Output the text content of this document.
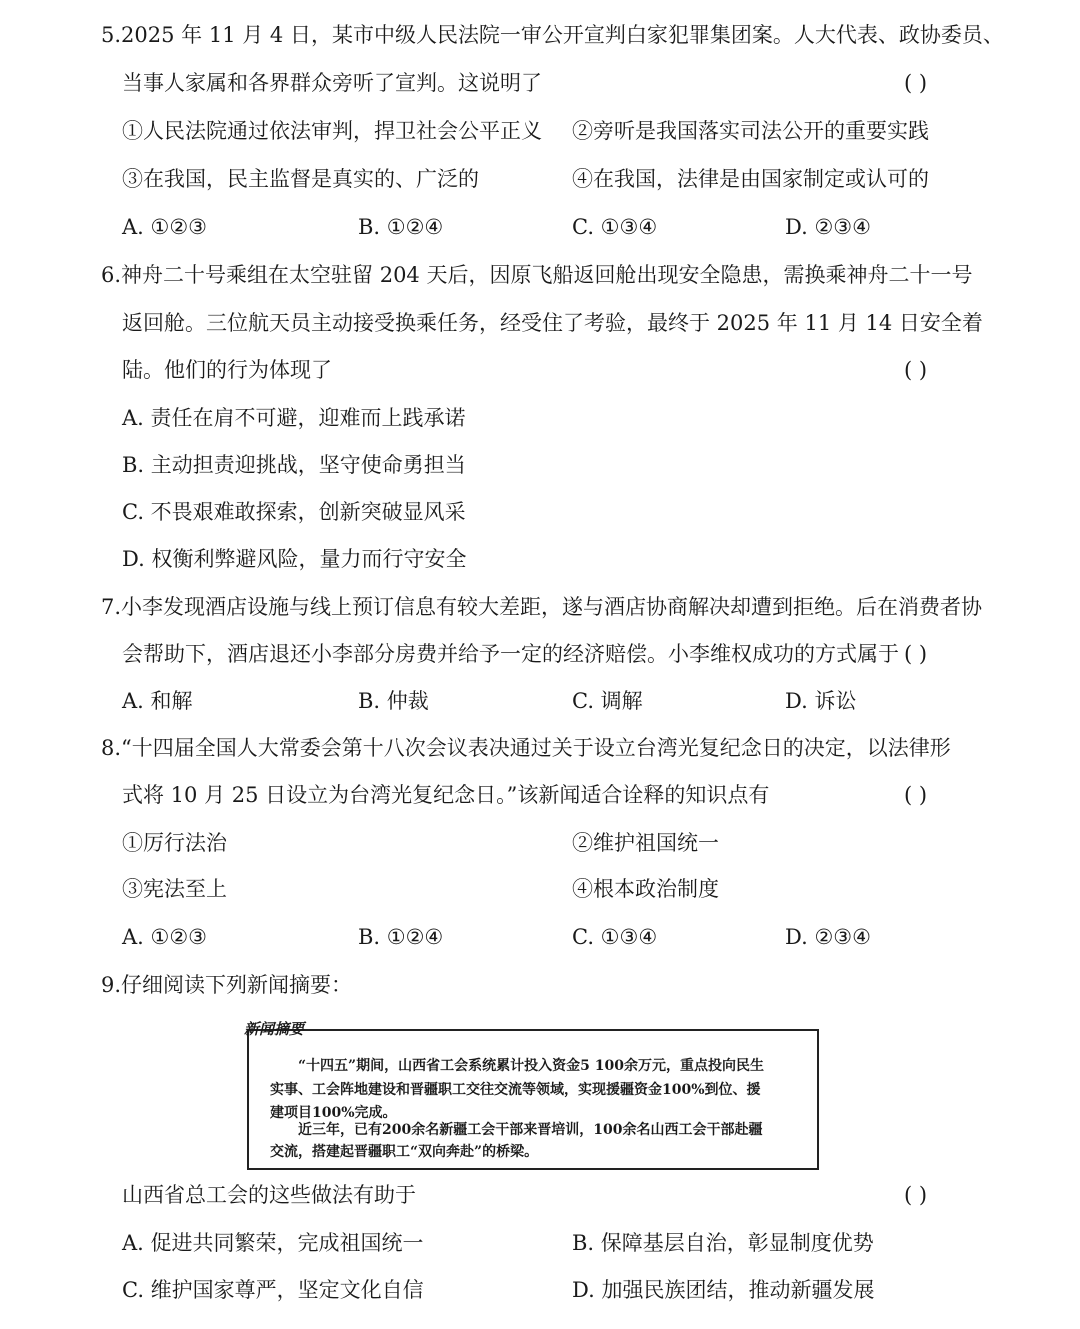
5.2025 年 11 月 4 日，某市中级人民法院一审公开宣判白家犯罪集团案。人大代表、政协委员、
当事人家属和各界群众旁听了宣判。这说明了	( )
①人民法院通过依法审判，捍卫社会公平正义 ②旁听是我国落实司法公开的重要实践
③在我国，民主监督是真实的、广泛的	④在我国，法律是由国家制定或认可的
A. ①②③	B. ①②④	C. ①③④	D. ②③④
6.神舟二十号乘组在太空驻留 204 天后，因原飞船返回舱出现安全隐患，需换乘神舟二十一号
返回舱。三位航天员主动接受换乘任务，经受住了考验，最终于 2025 年 11 月 14 日安全着
陆。他们的行为体现了	( )
A. 责任在肩不可避，迎难而上践承诺
B. 主动担责迎挑战，坚守使命勇担当
C. 不畏艰难敢探索，创新突破显风采
D. 权衡利弊避风险，量力而行守安全
7.小李发现酒店设施与线上预订信息有较大差距，遂与酒店协商解决却遭到拒绝。后在消费者协
会帮助下，酒店退还小李部分房费并给予一定的经济赔偿。小李维权成功的方式属于 ( )
A. 和解	B. 仲裁	C. 调解	D. 诉讼
8.“十四届全国人大常委会第十八次会议表决通过关于设立台湾光复纪念日的决定，以法律形
式将 10 月 25 日设立为台湾光复纪念日。”该新闻适合诠释的知识点有	( )
①厉行法治	②维护祖国统一
③宪法至上	④根本政治制度
A. ①②③	B. ①②④	C. ①③④	D. ②③④
9.仔细阅读下列新闻摘要：
新闻摘要
“十四五”期间，山西省工会系统累计投入资金5 100余万元，重点投向民生
实事、工会阵地建设和晋疆职工交往交流等领域，实现援疆资金100%到位、援
建项目100%完成。
近三年，已有200余名新疆工会干部来晋培训，100余名山西工会干部赴疆
交流，搭建起晋疆职工“双向奔赴”的桥梁。
山西省总工会的这些做法有助于	( )
A. 促进共同繁荣，完成祖国统一	B. 保障基层自治，彰显制度优势
C. 维护国家尊严，坚定文化自信	D. 加强民族团结，推动新疆发展
